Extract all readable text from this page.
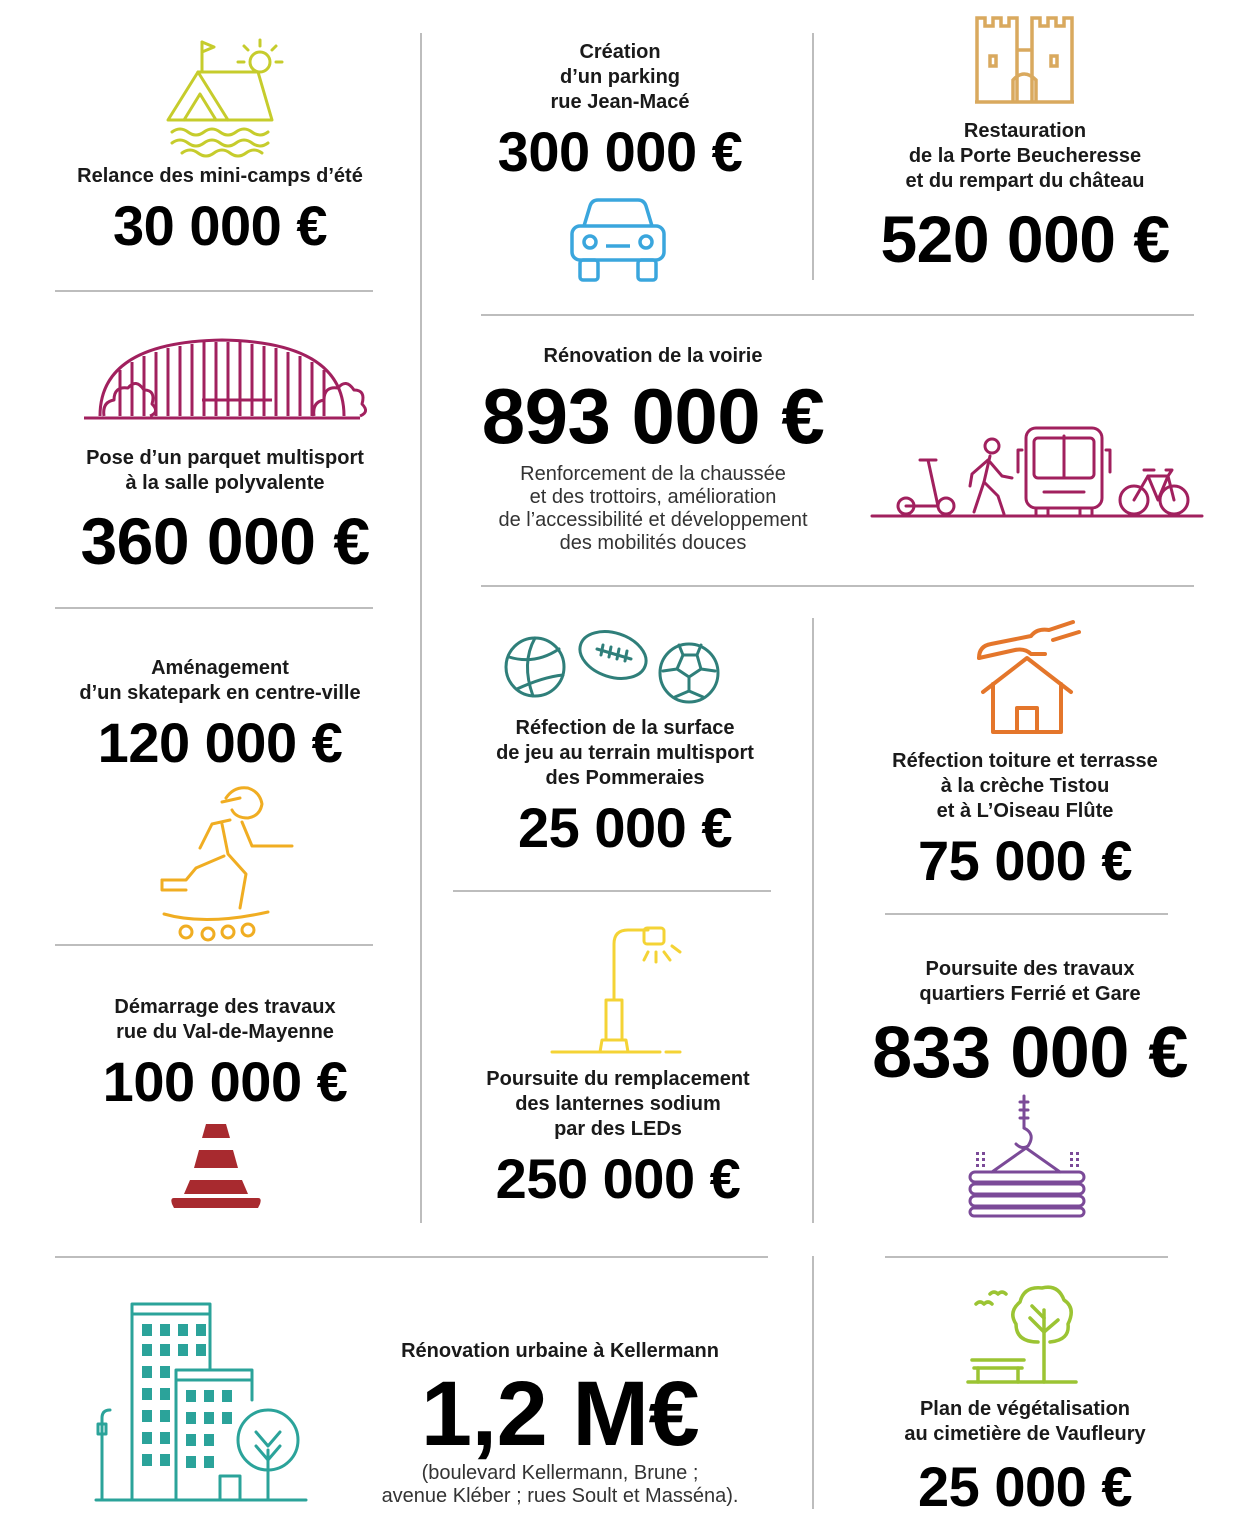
Relance des mini-camps d’été
30 000 €
Création
d’un parking
rue Jean-Macé
300 000 €	Restauration
de la Porte Beucheresse
et du rempart du château
520 000 €
Pose d’un parquet multisport
à la salle polyvalente
360 000 €
Rénovation de la voirie
893 000 €
Renforcement de la chaussée
et des trottoirs, amélioration
de l’accessibilité et développement
des mobilités douces
Aménagement
d’un skatepark en centre-ville
120 000 €	Réfection de la surface
de jeu au terrain multisport
des Pommeraies
25 000 €
Réfection toiture et terrasse
à la crèche Tistou
et à L’Oiseau Flûte
75 000 €
Démarrage des travaux
rue du Val-de-Mayenne
100 000 €	Poursuite du remplacement
des lanternes sodium
par des LEDs
250 000 €
Poursuite des travaux
quartiers Ferrié et Gare
833 000 €
Rénovation urbaine à Kellermann
1,2 M€
(boulevard Kellermann, Brune ;
avenue Kléber ; rues Soult et Masséna).
Plan de végétalisation
au cimetière de Vaufleury
25 000 €
